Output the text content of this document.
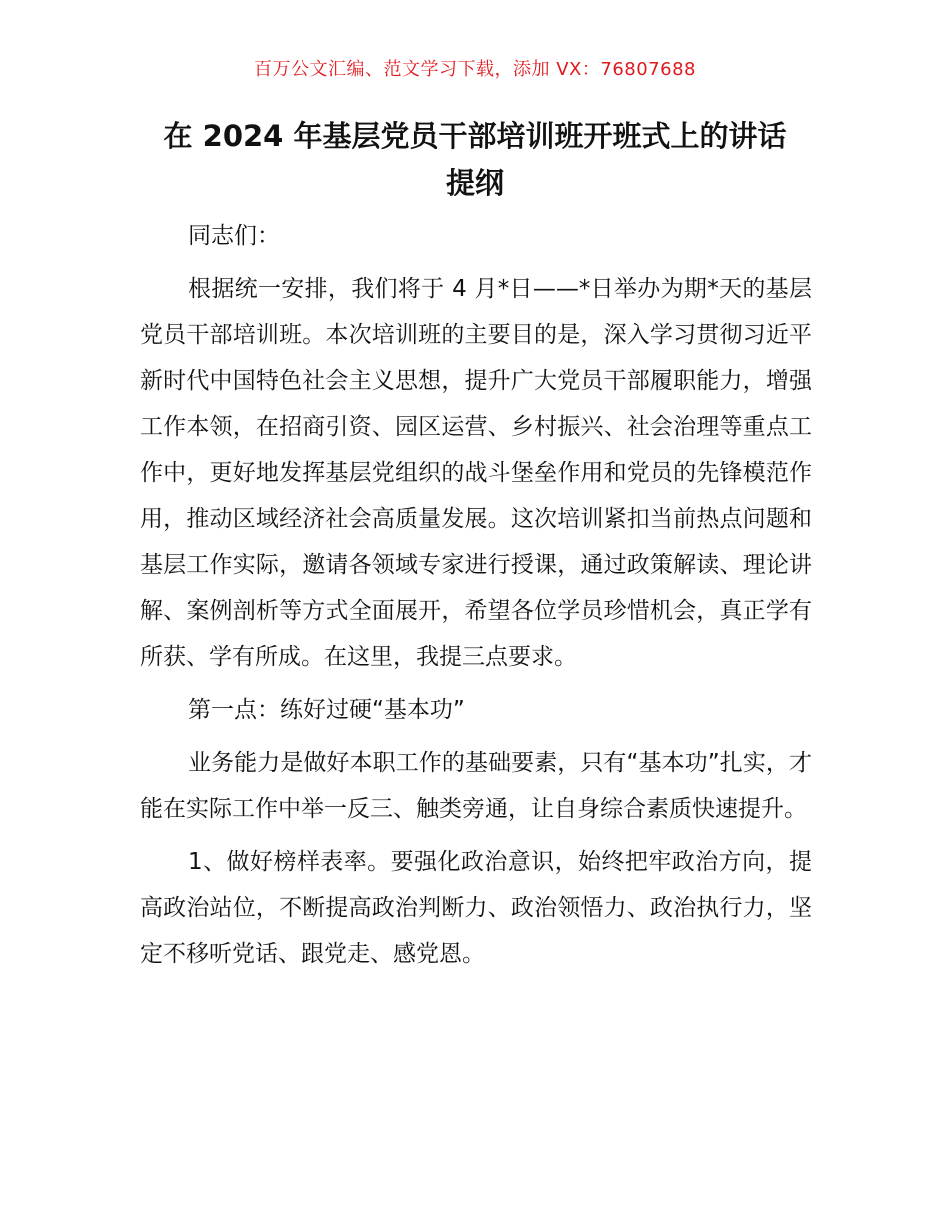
百万公文汇编、范文学习下载，添加 VX：76807688
在 2024 年基层党员干部培训班开班式上的讲话
提纲

同志们：

根据统一安排，我们将于 4 月*日——*日举办为期*天的基层党员干部培训班。本次培训班的主要目的是，深入学习贯彻习近平新时代中国特色社会主义思想，提升广大党员干部履职能力，增强工作本领，在招商引资、园区运营、乡村振兴、社会治理等重点工作中，更好地发挥基层党组织的战斗堡垒作用和党员的先锋模范作用，推动区域经济社会高质量发展。这次培训紧扣当前热点问题和基层工作实际，邀请各领域专家进行授课，通过政策解读、理论讲解、案例剖析等方式全面展开，希望各位学员珍惜机会，真正学有所获、学有所成。在这里，我提三点要求。

第一点：练好过硬“基本功”

业务能力是做好本职工作的基础要素，只有“基本功”扎实，才能在实际工作中举一反三、触类旁通，让自身综合素质快速提升。

1、做好榜样表率。要强化政治意识，始终把牢政治方向，提高政治站位，不断提高政治判断力、政治领悟力、政治执行力，坚定不移听党话、跟党走、感党恩。
